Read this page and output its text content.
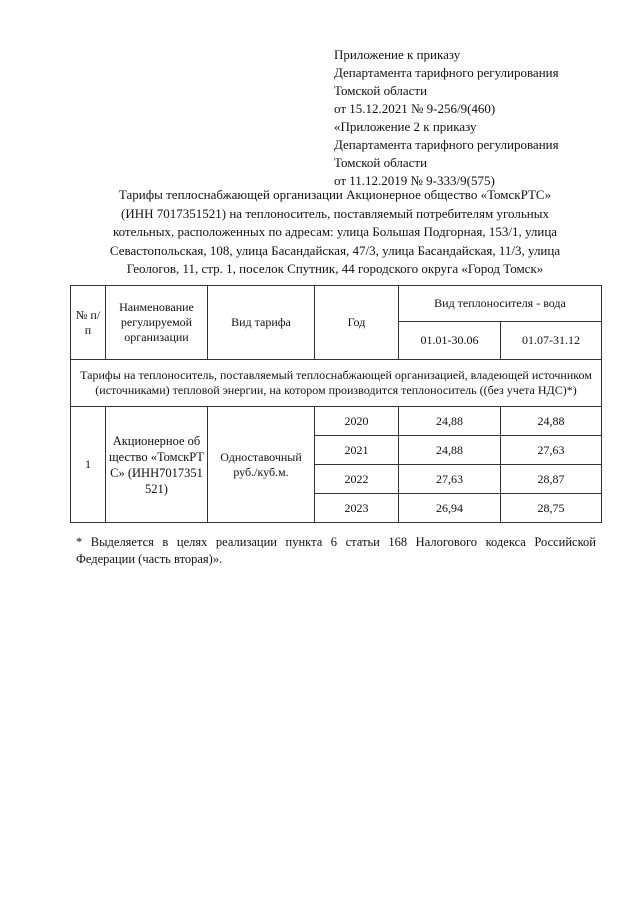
Приложение к приказу
Департамента тарифного регулирования
Томской области
от 15.12.2021 № 9-256/9(460)
«Приложение 2 к приказу
Департамента тарифного регулирования
Томской области
от 11.12.2019 № 9-333/9(575)
Тарифы теплоснабжающей организации Акционерное общество «ТомскРТС»
(ИНН 7017351521) на теплоноситель, поставляемый потребителям угольных
котельных, расположенных по адресам: улица Большая Подгорная, 153/1, улица
Севастопольская, 108, улица Басандайская, 47/3, улица Басандайская, 11/3, улица
Геологов, 11, стр. 1, поселок Спутник, 44 городского округа «Город Томск»
№ п/п	Наименование регулируемой организации	Вид тарифа	Год	Вид теплоносителя - вода	
				01.01-30.06	01.07-31.12
Тарифы на теплоноситель, поставляемый теплоснабжающей организацией, владеющей источником (источниками) тепловой энергии, на котором производится теплоноситель ((без учета НДС)*)					
1	Акционерное общество «ТомскРТС» (ИНН7017351521)	Одноставочный руб./куб.м.	2020	24,88	24,88
			2021	24,88	27,63
			2022	27,63	28,87
			2023	26,94	28,75
* Выделяется в целях реализации пункта 6 статьи 168 Налогового кодекса Российской Федерации (часть вторая)».
